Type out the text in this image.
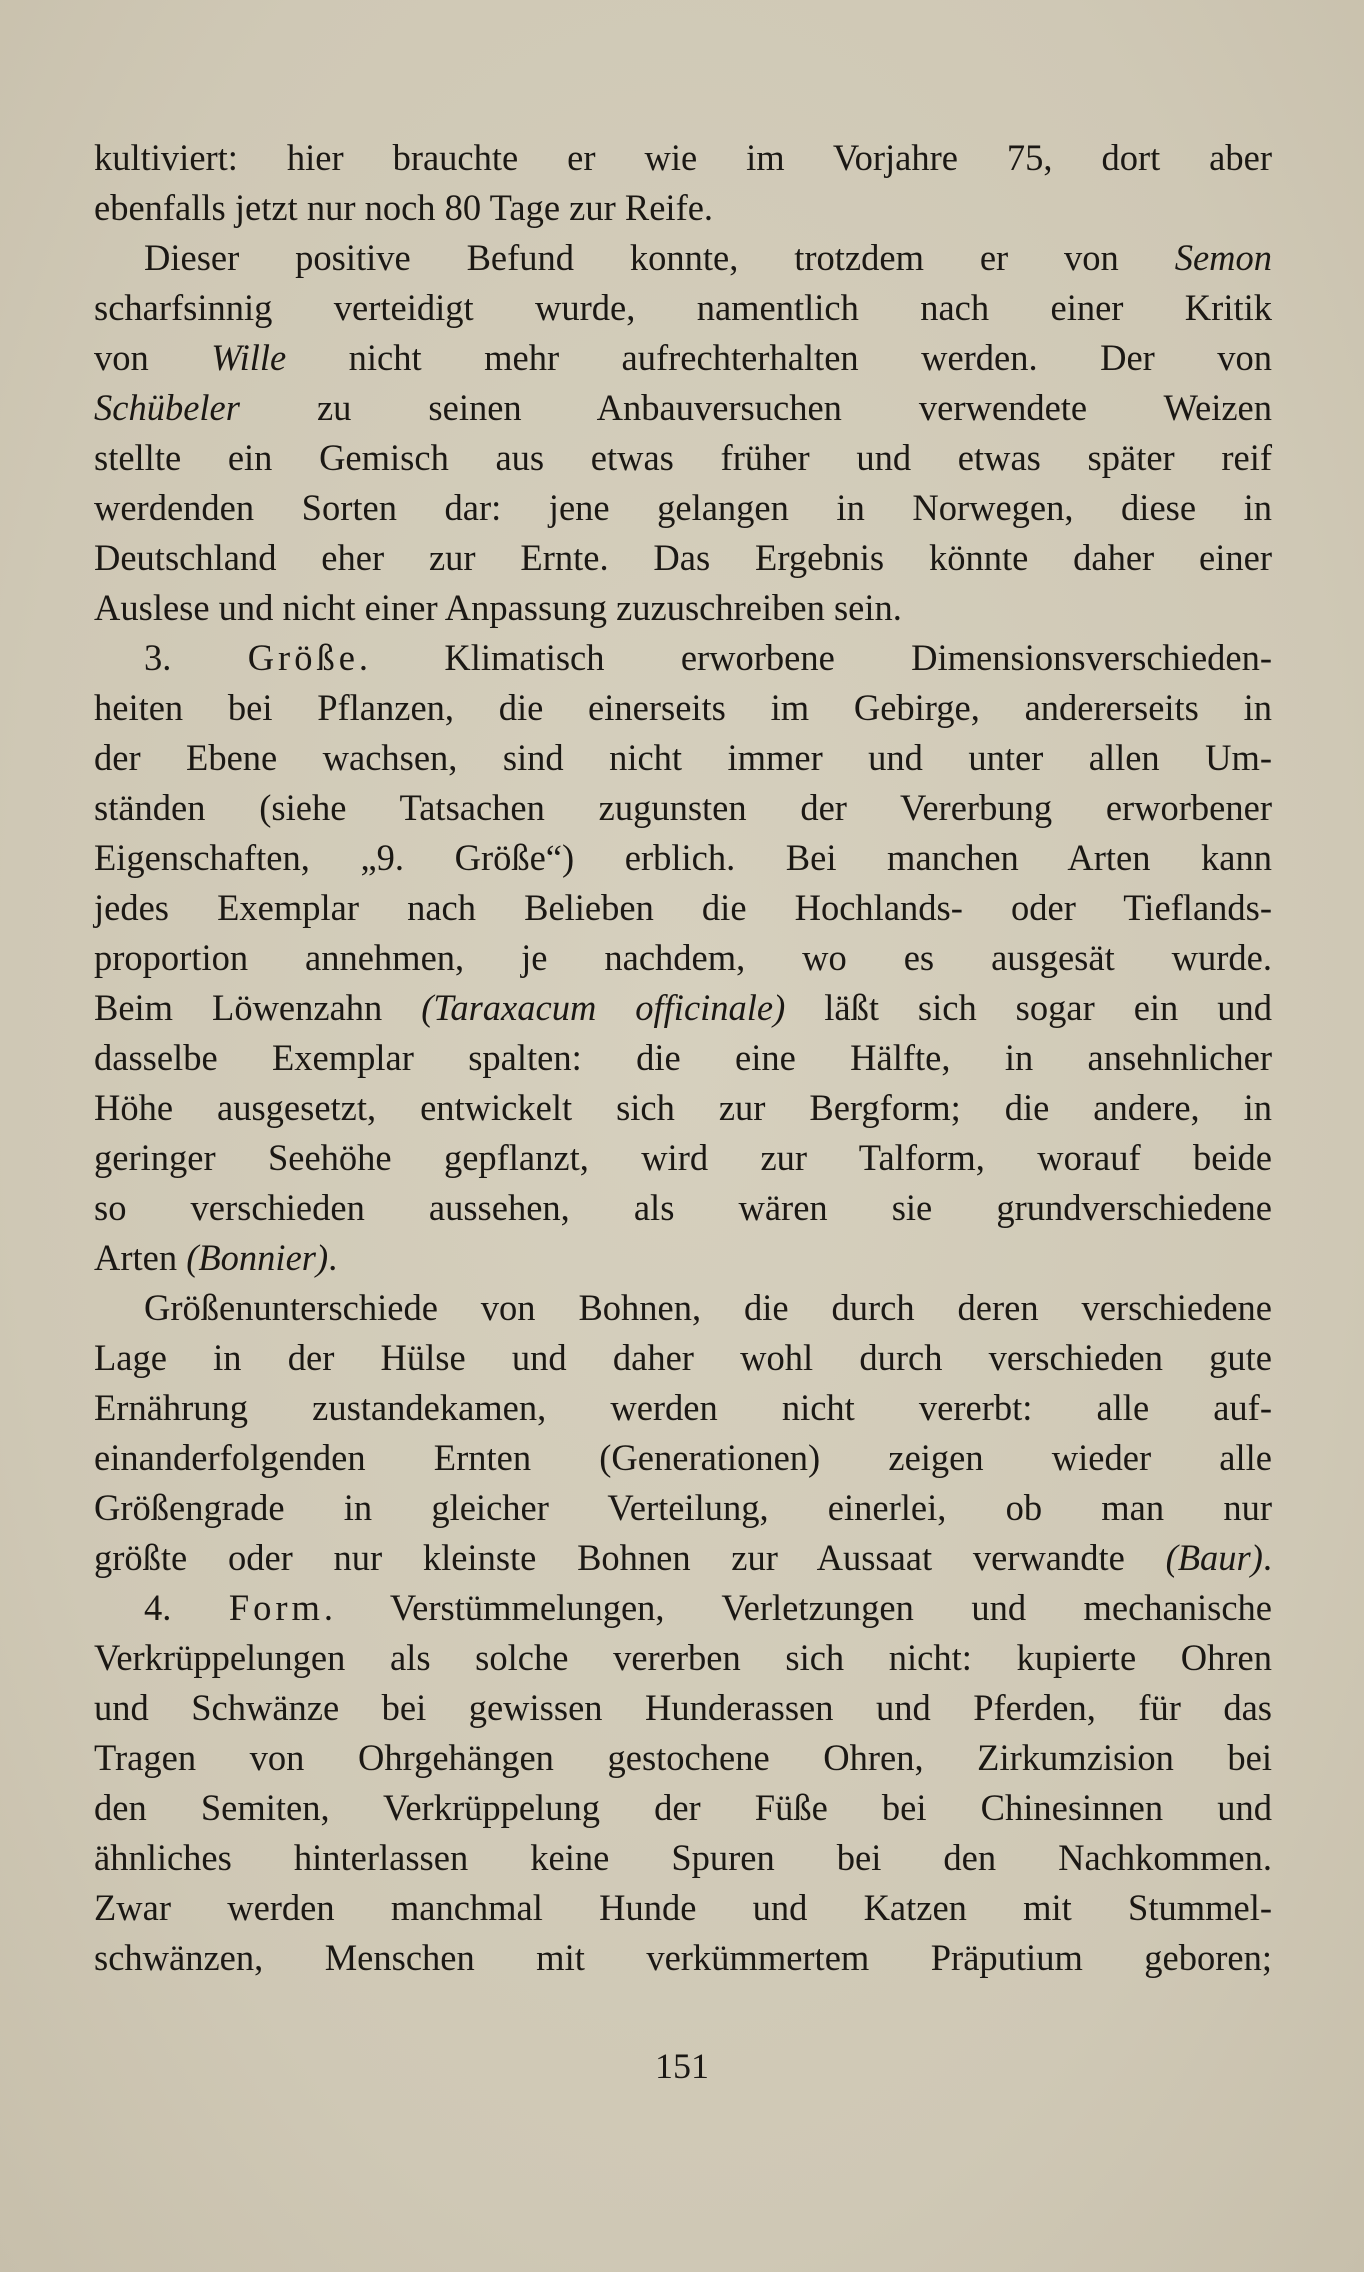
kultiviert: hier brauchte er wie im Vorjahre 75, dort aber
ebenfalls jetzt nur noch 80 Tage zur Reife.
Dieser positive Befund konnte, trotzdem er von Semon
scharfsinnig verteidigt wurde, namentlich nach einer Kritik
von Wille nicht mehr aufrechterhalten werden. Der von
Schübeler zu seinen Anbauversuchen verwendete Weizen
stellte ein Gemisch aus etwas früher und etwas später reif
werdenden Sorten dar: jene gelangen in Norwegen, diese in
Deutschland eher zur Ernte. Das Ergebnis könnte daher einer
Auslese und nicht einer Anpassung zuzuschreiben sein.
3. Größe. Klimatisch erworbene Dimensionsverschieden-
heiten bei Pflanzen, die einerseits im Gebirge, andererseits in
der Ebene wachsen, sind nicht immer und unter allen Um-
ständen (siehe Tatsachen zugunsten der Vererbung erworbener
Eigenschaften, „9. Größe“) erblich. Bei manchen Arten kann
jedes Exemplar nach Belieben die Hochlands- oder Tieflands-
proportion annehmen, je nachdem, wo es ausgesät wurde.
Beim Löwenzahn (Taraxacum officinale) läßt sich sogar ein und
dasselbe Exemplar spalten: die eine Hälfte, in ansehnlicher
Höhe ausgesetzt, entwickelt sich zur Bergform; die andere, in
geringer Seehöhe gepflanzt, wird zur Talform, worauf beide
so verschieden aussehen, als wären sie grundverschiedene
Arten (Bonnier).
Größenunterschiede von Bohnen, die durch deren verschiedene
Lage in der Hülse und daher wohl durch verschieden gute
Ernährung zustandekamen, werden nicht vererbt: alle auf-
einanderfolgenden Ernten (Generationen) zeigen wieder alle
Größengrade in gleicher Verteilung, einerlei, ob man nur
größte oder nur kleinste Bohnen zur Aussaat verwandte (Baur).
4. Form. Verstümmelungen, Verletzungen und mechanische
Verkrüppelungen als solche vererben sich nicht: kupierte Ohren
und Schwänze bei gewissen Hunderassen und Pferden, für das
Tragen von Ohrgehängen gestochene Ohren, Zirkumzision bei
den Semiten, Verkrüppelung der Füße bei Chinesinnen und
ähnliches hinterlassen keine Spuren bei den Nachkommen.
Zwar werden manchmal Hunde und Katzen mit Stummel-
schwänzen, Menschen mit verkümmertem Präputium geboren;
151
